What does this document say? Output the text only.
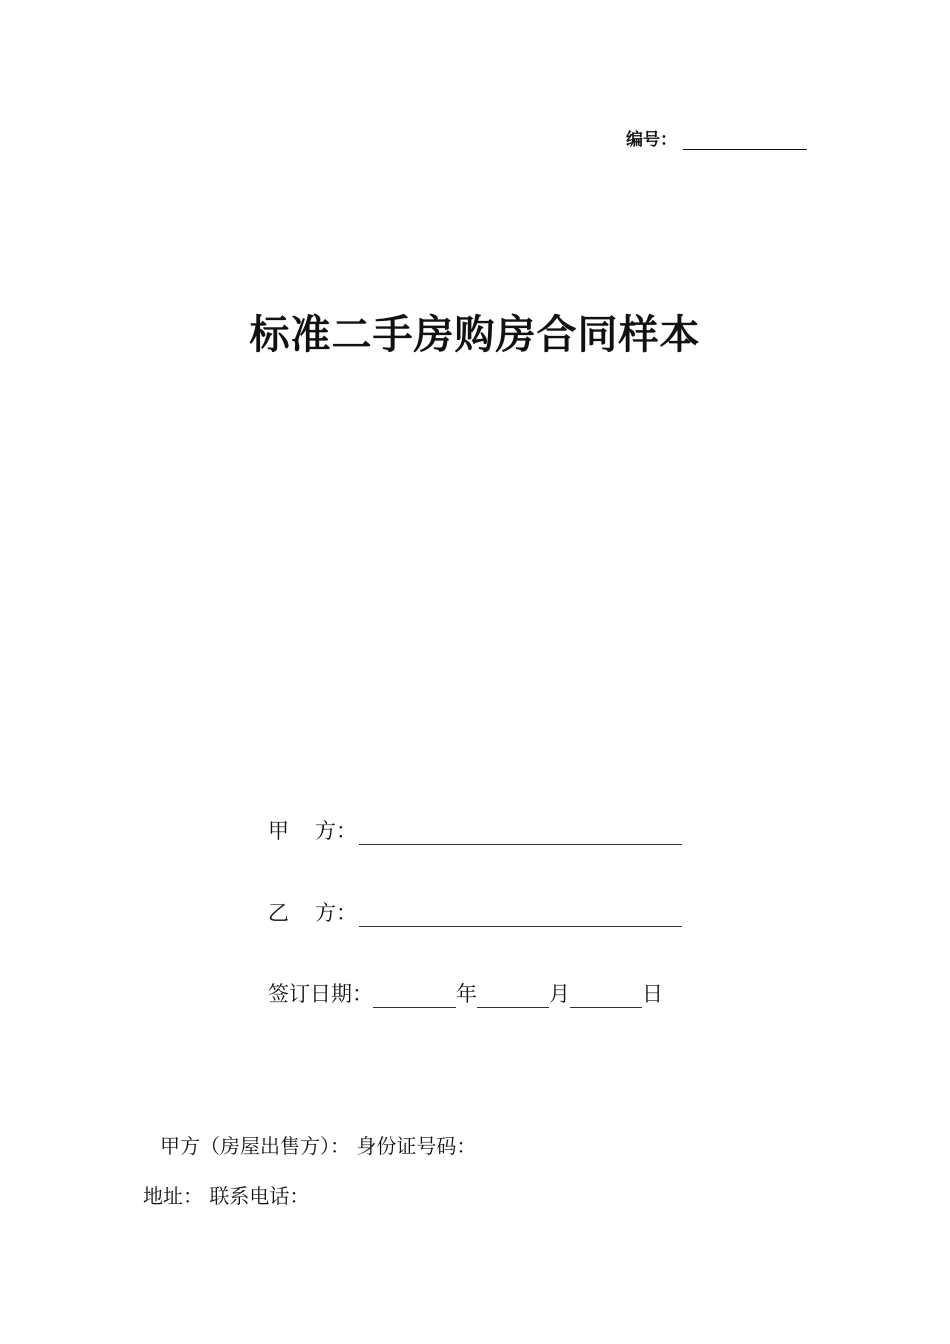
编号：
标准二手房购房合同样本
甲 方：
乙 方：
签订日期：	年	月	日
甲方（房屋出售方）： 身份证号码：
地址： 联系电话：
